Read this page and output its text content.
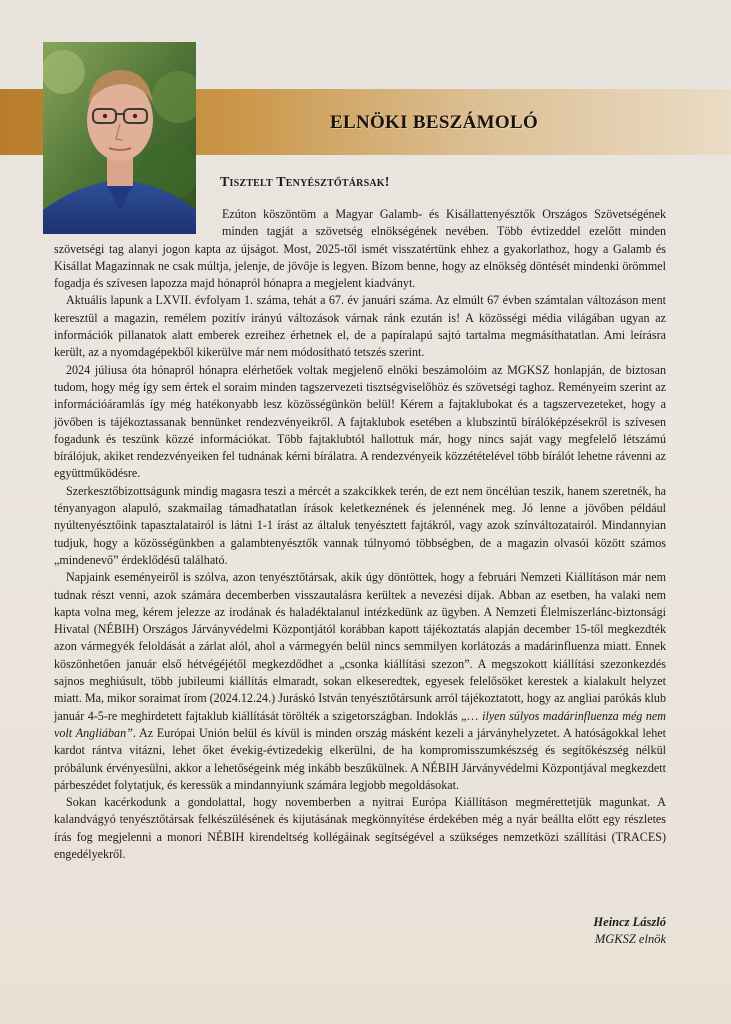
ELNÖKI BESZÁMOLÓ
Tisztelt Tenyésztőtársak!

Ezúton köszöntöm a Magyar Galamb- és Kisállattenyésztők Országos Szövetségének minden tagját a szövetség elnökségének nevében. Több évtizeddel ezelőtt minden szövetségi tag alanyi jogon kapta az újságot. Most, 2025-től ismét visszatértünk ehhez a gyakorlathoz, hogy a Galamb és Kisállat Magazinnak ne csak múltja, jelenje, de jövője is legyen. Bízom benne, hogy az elnökség döntését mindenki örömmel fogadja és szívesen lapozza majd hónapról hónapra a megjelent kiadványt.

Aktuális lapunk a LXVII. évfolyam 1. száma, tehát a 67. év januári száma. Az elmúlt 67 évben számtalan változáson ment keresztül a magazin, remélem pozitív irányú változások várnak ránk ezután is! A közösségi média világában ugyan az információk pillanatok alatt emberek ezreihez érhetnek el, de a papíralapú sajtó tartalma megmásíthatatlan. Ami leírásra került, az a nyomdagépekből kikerülve már nem módosítható tetszés szerint.

2024 júliusa óta hónapról hónapra elérhetőek voltak megjelenő elnöki beszámolóim az MGKSZ honlapján, de biztosan tudom, hogy még így sem értek el soraim minden tagszervezeti tisztségviselőhöz és szövetségi taghoz. Reményeim szerint az információáramlás így még hatékonyabb lesz közösségünkön belül! Kérem a fajtaklubokat és a tagszervezeteket, hogy a jövőben is tájékoztassanak bennünket rendezvényeikről. A fajtaklubok esetében a klubszintű bírálóképzésekről is szívesen fogadunk és teszünk közzé információkat. Több fajtaklubtól hallottuk már, hogy nincs saját vagy megfelelő létszámú bírálójuk, akiket rendezvényeiken fel tudnának kérni bírálatra. A rendezvényeik közzétételével több bírálót lehetne rávenni az együttműködésre.

Szerkesztőbizottságunk mindig magasra teszi a mércét a szakcikkek terén, de ezt nem öncélúan teszik, hanem szeretnék, ha tényanyagon alapuló, szakmailag támadhatatlan írások keletkeznének és jelennének meg. Jó lenne a jövőben például nyúltenyésztőink tapasztalatairól is látni 1-1 írást az általuk tenyésztett fajtákról, vagy azok színváltozatairól. Mindannyian tudjuk, hogy a közösségünkben a galambtenyésztők vannak túlnyomó többségben, de a magazin olvasói között számos „mindenevő” érdeklődésű található.

Napjaink eseményeiről is szólva, azon tenyésztőtársak, akik úgy döntöttek, hogy a februári Nemzeti Kiállításon már nem tudnak részt venni, azok számára decemberben visszautalásra kerültek a nevezési díjak. Abban az esetben, ha valaki nem kapta volna meg, kérem jelezze az irodának és haladéktalanul intézkedünk az ügyben. A Nemzeti Élelmiszerlánc-biztonsági Hivatal (NÉBIH) Országos Járványvédelmi Központjától korábban kapott tájékoztatás alapján december 15-től megkezdték azon vármegyék feloldását a zárlat alól, ahol a vármegyén belül nincs semmilyen korlátozás a madárinfluenza miatt. Ennek köszönhetően január első hétvégéjétől megkezdődhet a „csonka kiállítási szezon”. A megszokott kiállítási szezonkezdés sajnos meghiúsult, több jubileumi kiállítás elmaradt, sokan elkeseredtek, egyesek felelősöket kerestek a kialakult helyzet miatt. Ma, mikor soraimat írom (2024.12.24.) Juráskó István tenyésztőtársunk arról tájékoztatott, hogy az angliai parókás klub január 4-5-re meghirdetett fajtaklub kiállítását törölték a szigetországban. Indoklás „… ilyen súlyos madárinfluenza még nem volt Angliában”. Az Európai Unión belül és kívül is minden ország másként kezeli a járványhelyzetet. A hatóságokkal lehet kardot rántva vitázni, lehet őket évekig-évtizedekig elkerülni, de ha kompromisszumkészség és segítőkészség nélkül próbálunk érvényesülni, akkor a lehetőségeink még inkább beszűkülnek. A NÉBIH Járványvédelmi Központjával megkezdett párbeszédet folytatjuk, és keressük a mindannyiunk számára legjobb megoldásokat.

Sokan kacérkodunk a gondolattal, hogy novemberben a nyitrai Európa Kiállításon megmérettetjük magunkat. A kalandvágyó tenyésztőtársak felkészülésének és kijutásának megkönnyítése érdekében még a nyár beállta előtt egy részletes írás fog megjelenni a monori NÉBIH kirendeltség kollégáinak segítségével a szükséges nemzetközi szállítási (TRACES) engedélyekről.

Heincz László
MGKSZ elnök
